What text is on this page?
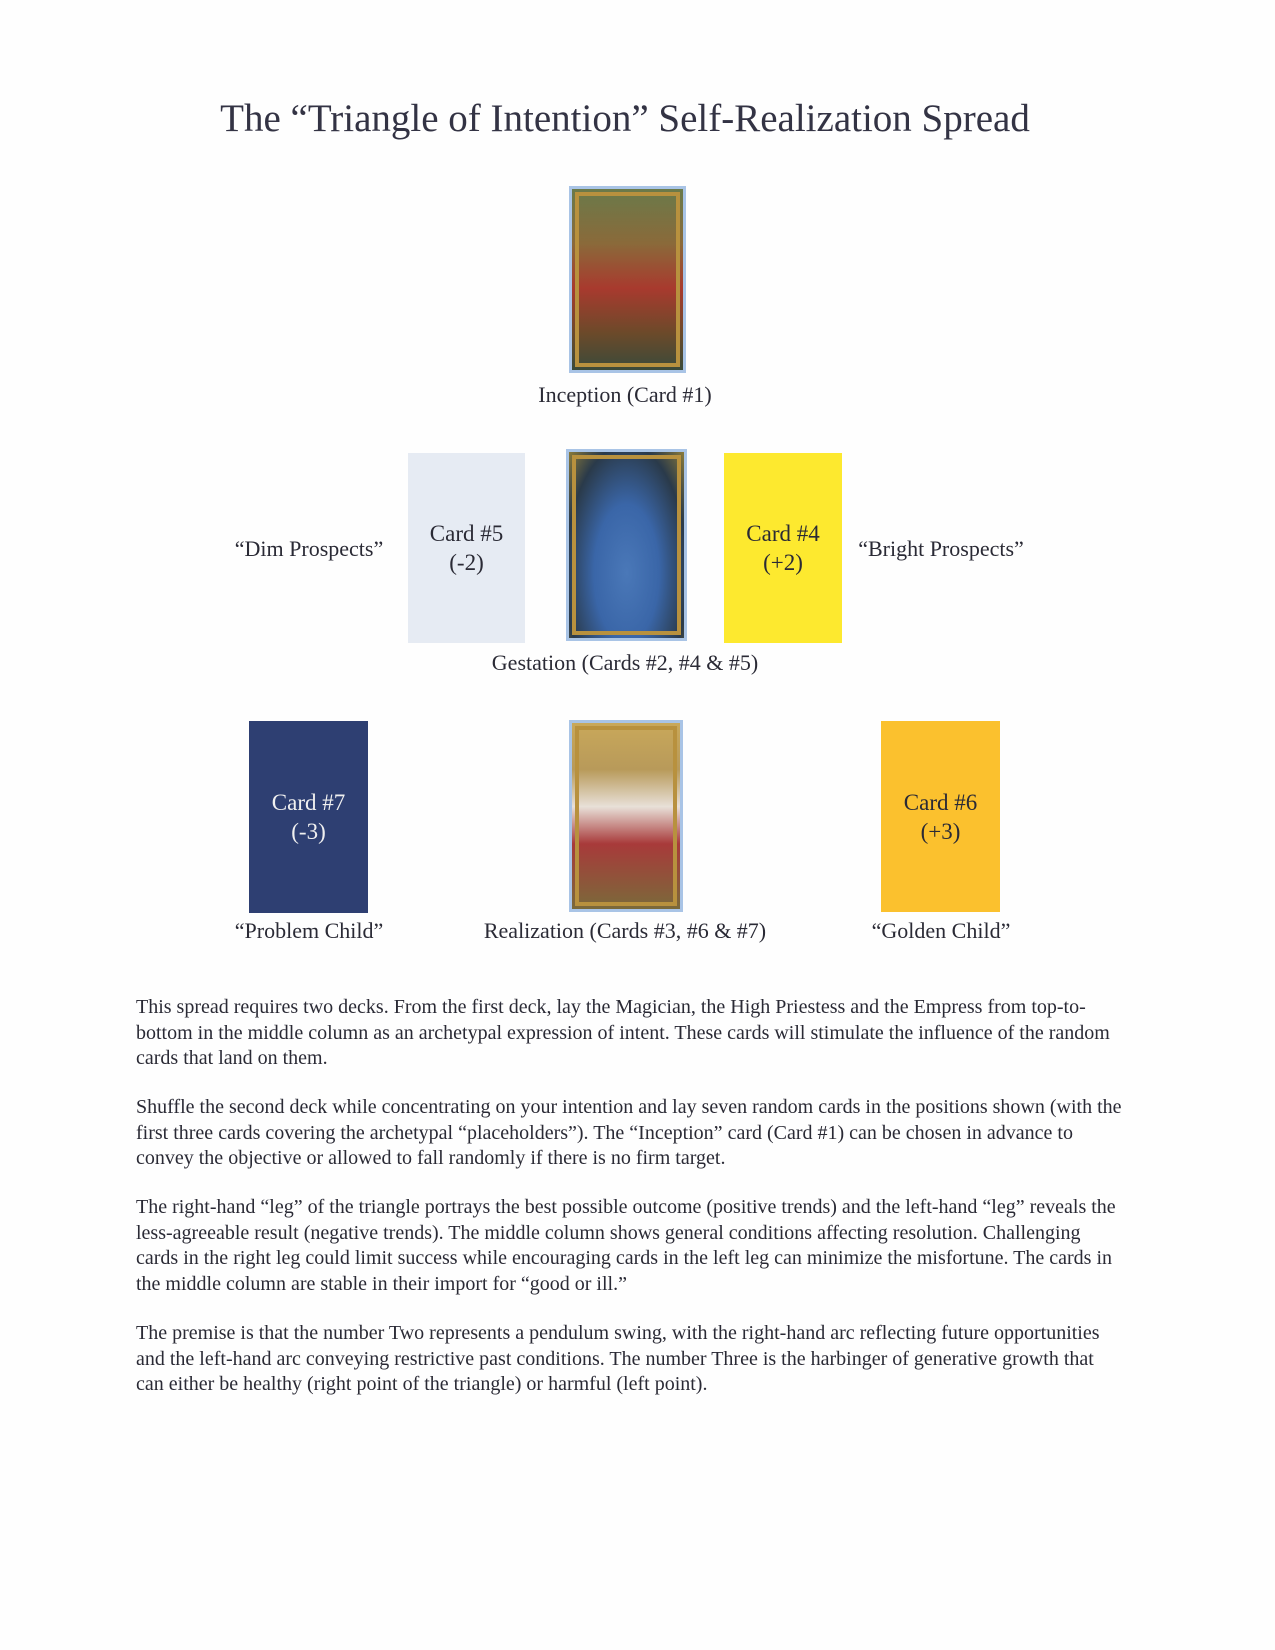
The “Triangle of Intention” Self-Realization Spread
Inception (Card #1)
“Dim Prospects”
Card #5
(-2)
Card #4
(+2)
“Bright Prospects”
Gestation (Cards #2, #4 & #5)
Card #7
(-3)
Card #6
(+3)
“Problem Child”	Realization (Cards #3, #6 & #7)	“Golden Child”

This spread requires two decks. From the first deck, lay the Magician, the High Priestess and the Empress from top-to-bottom in the middle column as an archetypal expression of intent. These cards will stimulate the influence of the random cards that land on them.

Shuffle the second deck while concentrating on your intention and lay seven random cards in the positions shown (with the first three cards covering the archetypal “placeholders”). The “Inception” card (Card #1) can be chosen in advance to convey the objective or allowed to fall randomly if there is no firm target.

The right-hand “leg” of the triangle portrays the best possible outcome (positive trends) and the left-hand “leg” reveals the less-agreeable result (negative trends). The middle column shows general conditions affecting resolution. Challenging cards in the right leg could limit success while encouraging cards in the left leg can minimize the misfortune. The cards in the middle column are stable in their import for “good or ill.”

The premise is that the number Two represents a pendulum swing, with the right-hand arc reflecting future opportunities and the left-hand arc conveying restrictive past conditions. The number Three is the harbinger of generative growth that can either be healthy (right point of the triangle) or harmful (left point).
